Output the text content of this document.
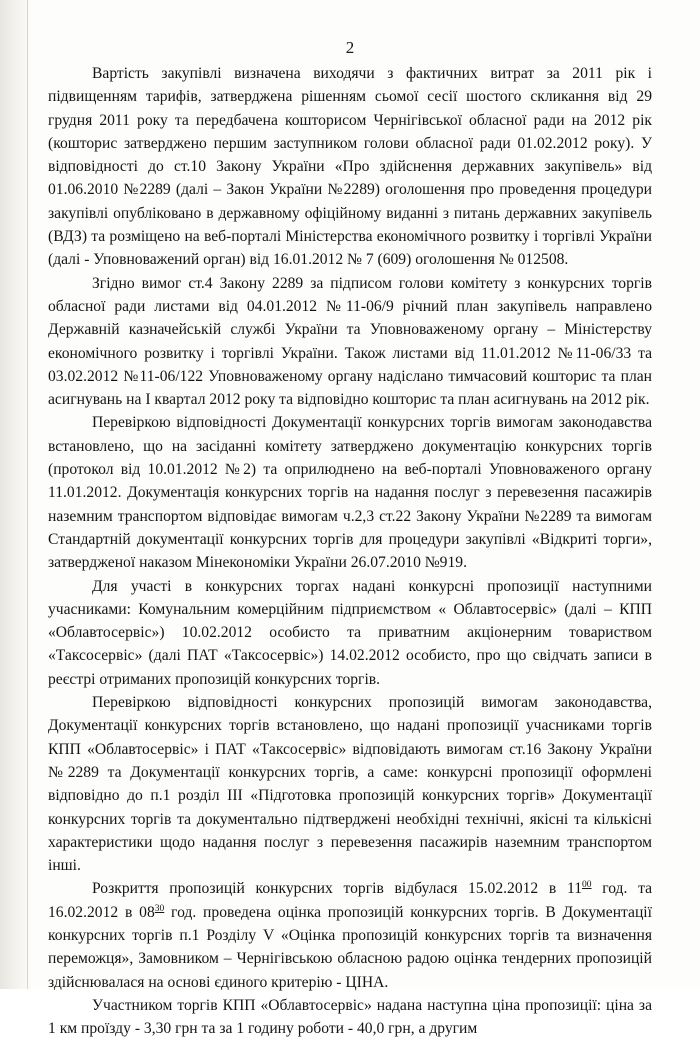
2

Вартість закупівлі визначена виходячи з фактичних витрат за 2011 рік і підвищенням тарифів, затверджена рішенням сьомої сесії шостого скликання від 29 грудня 2011 року та передбачена кошторисом Чернігівської обласної ради на 2012 рік (кошторис затверджено першим заступником голови обласної ради 01.02.2012 року). У відповідності до ст.10 Закону України «Про здійснення державних закупівель» від 01.06.2010 №2289 (далі – Закон України №2289) оголошення про проведення процедури закупівлі опубліковано в державному офіційному виданні з питань державних закупівель (ВДЗ) та розміщено на веб-порталі Міністерства економічного розвитку і торгівлі України (далі - Уповноважений орган) від 16.01.2012 № 7 (609) оголошення № 012508.

Згідно вимог ст.4 Закону 2289 за підписом голови комітету з конкурсних торгів обласної ради листами від 04.01.2012 №11-06/9 річний план закупівель направлено Державній казначейській службі України та Уповноваженому органу – Міністерству економічного розвитку і торгівлі України. Також листами від 11.01.2012 №11-06/33 та 03.02.2012 №11-06/122 Уповноваженому органу надіслано тимчасовий кошторис та план асигнувань на І квартал 2012 року та відповідно кошторис та план асигнувань на 2012 рік.

Перевіркою відповідності Документації конкурсних торгів вимогам законодавства встановлено, що на засіданні комітету затверджено документацію конкурсних торгів (протокол від 10.01.2012 №2) та оприлюднено на веб-порталі Уповноваженого органу 11.01.2012. Документація конкурсних торгів на надання послуг з перевезення пасажирів наземним транспортом відповідає вимогам ч.2,3 ст.22 Закону України №2289 та вимогам Стандартній документації конкурсних торгів для процедури закупівлі «Відкриті торги», затвердженої наказом Мінекономіки України 26.07.2010 №919.

Для участі в конкурсних торгах надані конкурсні пропозиції наступними учасниками: Комунальним комерційним підприємством « Облавтосервіс» (далі – КПП «Облавтосервіс») 10.02.2012 особисто та приватним акціонерним товариством «Таксосервіс» (далі ПАТ «Таксосервіс») 14.02.2012 особисто, про що свідчать записи в реєстрі отриманих пропозицій конкурсних торгів.

Перевіркою відповідності конкурсних пропозицій вимогам законодавства, Документації конкурсних торгів встановлено, що надані пропозиції учасниками торгів КПП «Облавтосервіс» і ПАТ «Таксосервіс» відповідають вимогам ст.16 Закону України №2289 та Документації конкурсних торгів, а саме: конкурсні пропозиції оформлені відповідно до п.1 розділ III «Підготовка пропозицій конкурсних торгів» Документації конкурсних торгів та документально підтверджені необхідні технічні, якісні та кількісні характеристики щодо надання послуг з перевезення пасажирів наземним транспортом інші.

Розкриття пропозицій конкурсних торгів відбулася 15.02.2012 в $11^{00}$ год. та 16.02.2012 в $08^{30}$ год. проведена оцінка пропозицій конкурсних торгів. В Документації конкурсних торгів п.1 Розділу V «Оцінка пропозицій конкурсних торгів та визначення переможця», Замовником – Чернігівською обласною радою оцінка тендерних пропозицій здійснювалася на основі єдиного критерію - ЦІНА.

Участником торгів КПП «Облавтосервіс» надана наступна ціна пропозиції: ціна за 1 км проїзду - 3,30 грн та за 1 годину роботи - 40,0 грн, а другим
